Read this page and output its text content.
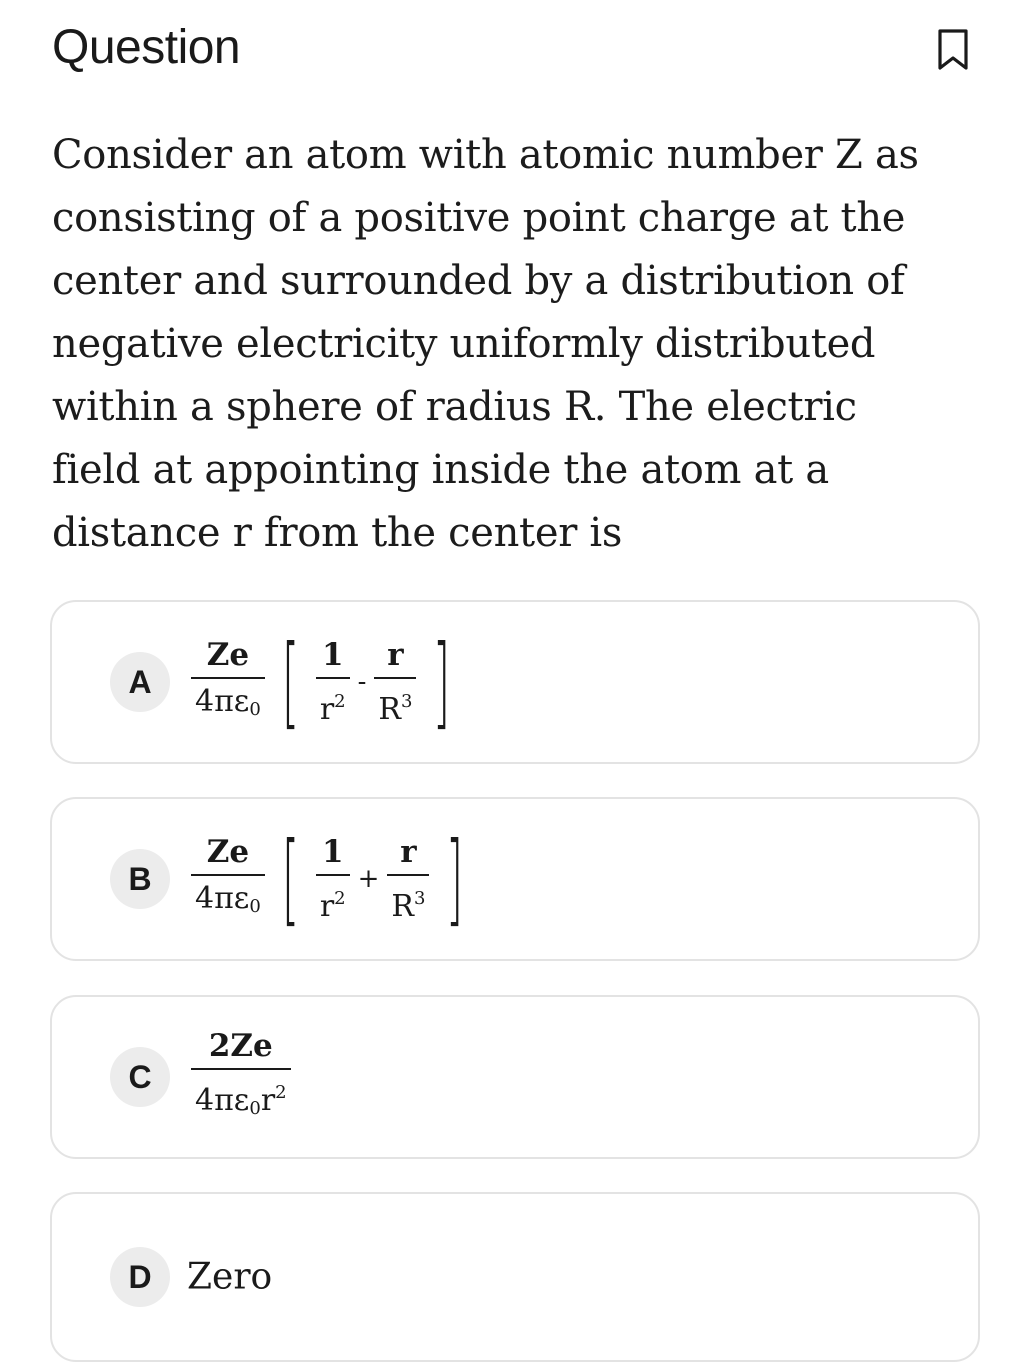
Question

Consider an atom with atomic number Z as consisting of a positive point charge at the center and surrounded by a distribution of negative electricity uniformly distributed within a sphere of radius R. The electric field at appointing inside the atom at a distance r from the center is

A	$\frac{Ze}{4\pi\varepsilon_0}$ [ $\frac{1}{r^2} - \frac{r}{R^3}$ ]
B	$\frac{Ze}{4\pi\varepsilon_0}$ [ $\frac{1}{r^2} + \frac{r}{R^3}$ ]
C	$\frac{2Ze}{4\pi\varepsilon_0r^2}$
D Zero
